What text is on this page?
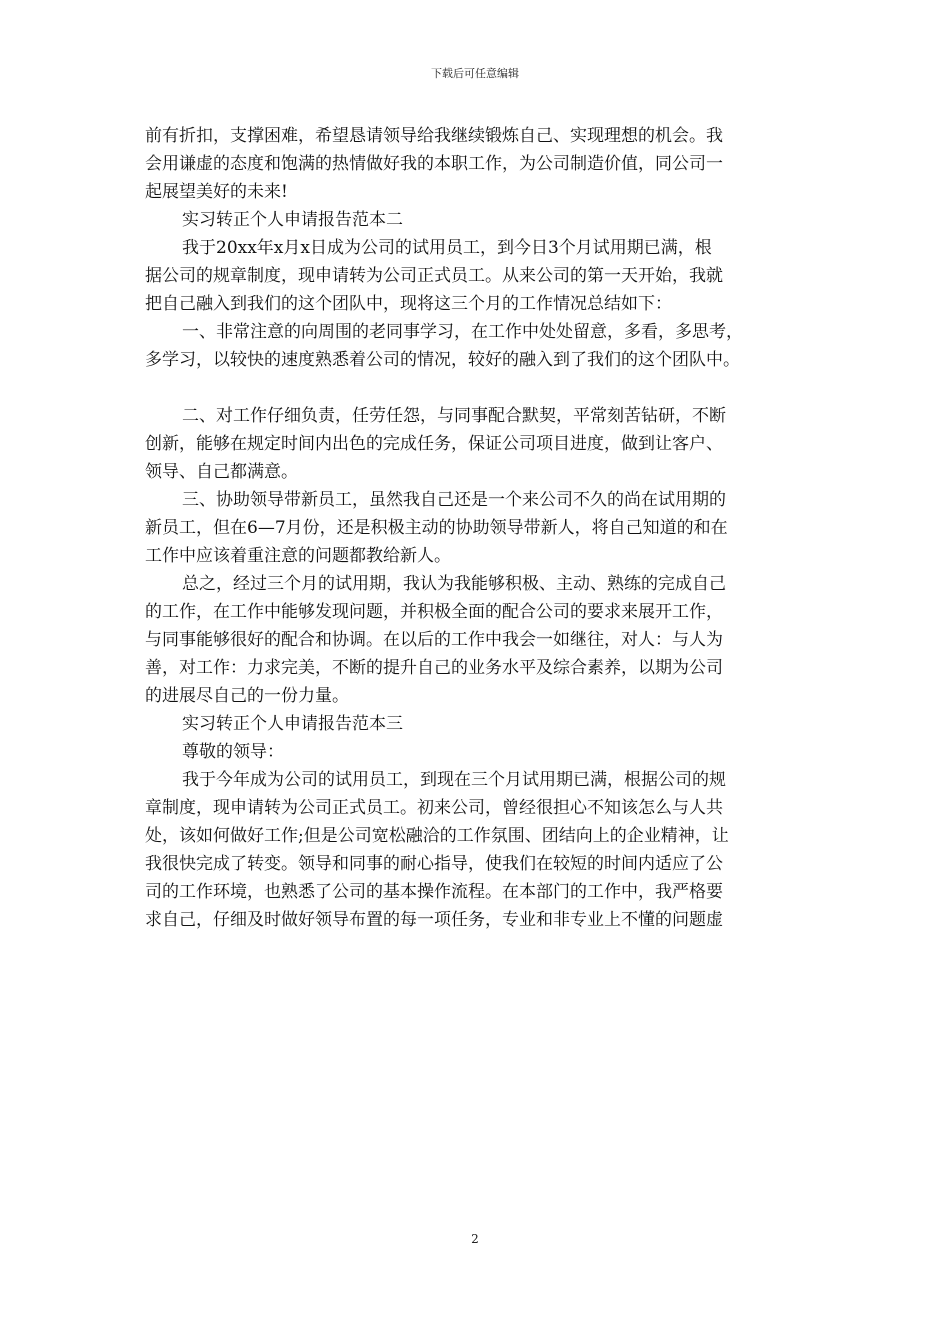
下载后可任意编辑
前有折扣，支撑困难，希望恳请领导给我继续锻炼自己、实现理想的机会。我
会用谦虚的态度和饱满的热情做好我的本职工作，为公司制造价值，同公司一
起展望美好的未来!
实习转正个人申请报告范本二
我于20xx年x月x日成为公司的试用员工，到今日3个月试用期已满，根
据公司的规章制度，现申请转为公司正式员工。从来公司的第一天开始，我就
把自己融入到我们的这个团队中，现将这三个月的工作情况总结如下：
一、非常注意的向周围的老同事学习，在工作中处处留意，多看，多思考，
多学习，以较快的速度熟悉着公司的情况，较好的融入到了我们的这个团队中。
二、对工作仔细负责，任劳任怨，与同事配合默契，平常刻苦钻研，不断
创新，能够在规定时间内出色的完成任务，保证公司项目进度，做到让客户、
领导、自己都满意。
三、协助领导带新员工，虽然我自己还是一个来公司不久的尚在试用期的
新员工，但在6—7月份，还是积极主动的协助领导带新人，将自己知道的和在
工作中应该着重注意的问题都教给新人。
总之，经过三个月的试用期，我认为我能够积极、主动、熟练的完成自己
的工作，在工作中能够发现问题，并积极全面的配合公司的要求来展开工作，
与同事能够很好的配合和协调。在以后的工作中我会一如继往，对人：与人为
善，对工作：力求完美，不断的提升自己的业务水平及综合素养，以期为公司
的进展尽自己的一份力量。
实习转正个人申请报告范本三
尊敬的领导：
我于今年成为公司的试用员工，到现在三个月试用期已满，根据公司的规
章制度，现申请转为公司正式员工。初来公司，曾经很担心不知该怎么与人共
处，该如何做好工作;但是公司宽松融洽的工作氛围、团结向上的企业精神，让
我很快完成了转变。领导和同事的耐心指导，使我们在较短的时间内适应了公
司的工作环境，也熟悉了公司的基本操作流程。在本部门的工作中，我严格要
求自己，仔细及时做好领导布置的每一项任务，专业和非专业上不懂的问题虚
2
